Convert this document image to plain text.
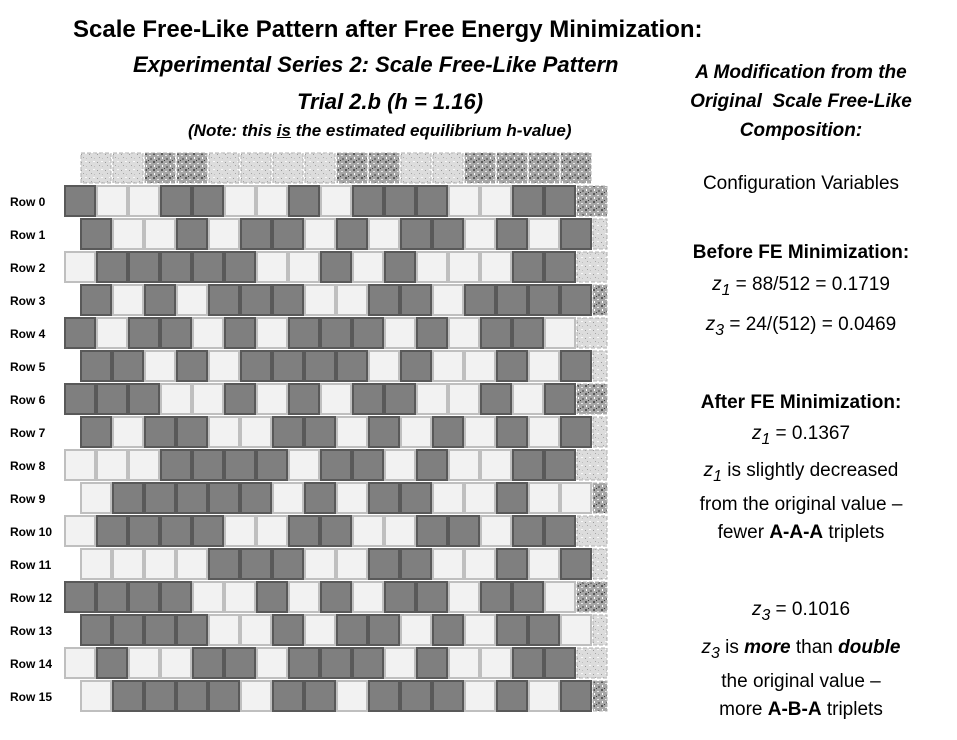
Scale Free-Like Pattern after Free Energy Minimization:
Experimental Series 2: Scale Free-Like Pattern
Trial 2.b (h = 1.16)
(Note: this is the estimated equilibrium h-value)
A Modification from the
Original  Scale Free-Like
Composition:
Configuration Variables
Before FE Minimization:
$z_1 = 88/512 = 0.1719$
$z_3 = 24/(512) = 0.0469$
After FE Minimization:
$z_1 = 0.1367$
$z_1$ is slightly decreased
from the original value –
fewer A-A-A triplets
$z_3 = 0.1016$
$z_3$ is more than double
the original value –
more A-B-A triplets
Row 0
Row 1
Row 2
Row 3
Row 4
Row 5
Row 6
Row 7
Row 8
Row 9
Row 10
Row 11
Row 12
Row 13
Row 14
Row 15
